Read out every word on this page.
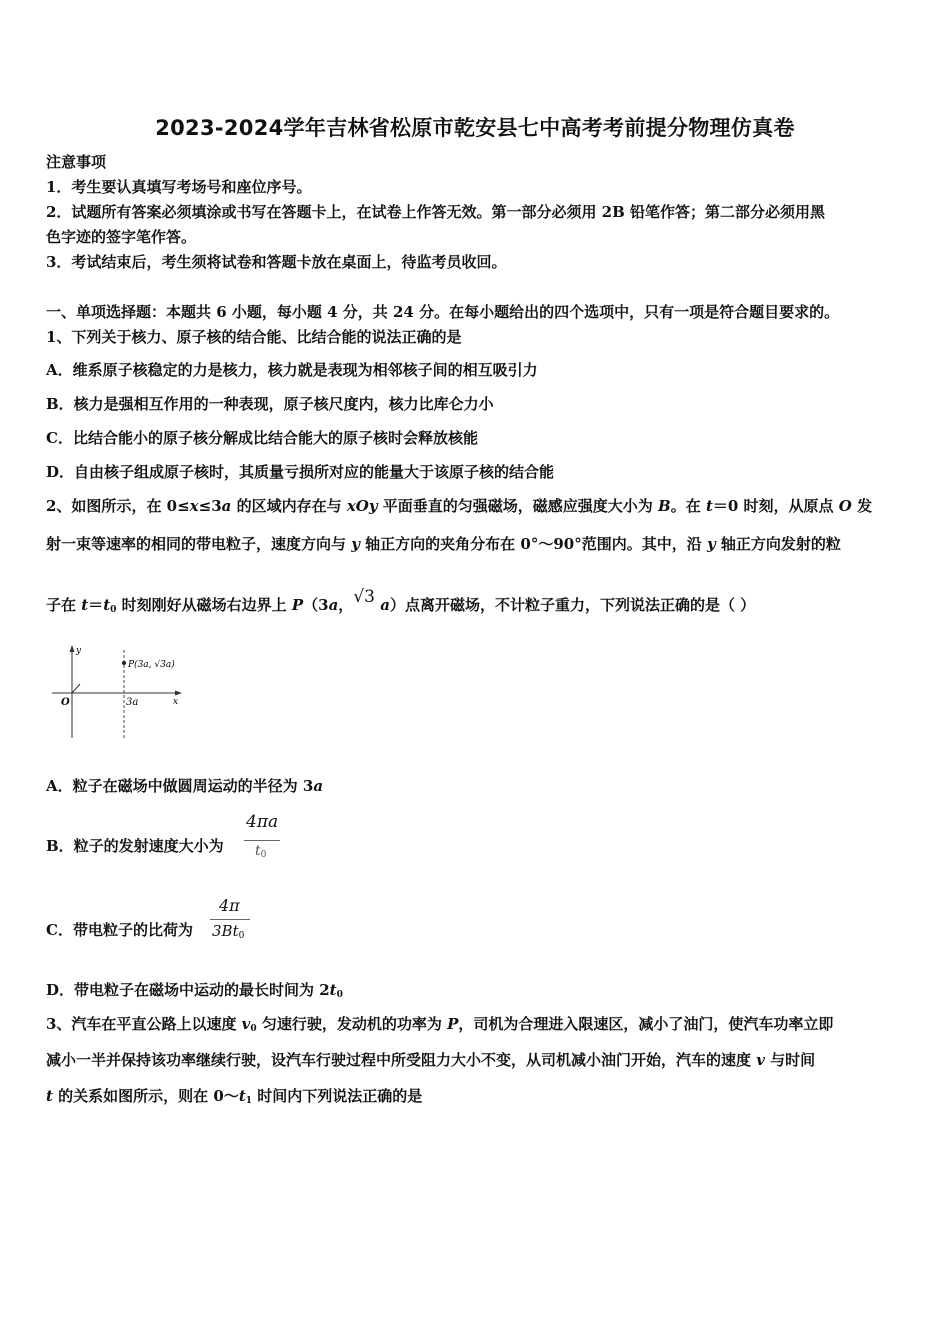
2023-2024学年吉林省松原市乾安县七中高考考前提分物理仿真卷
注意事项
1．考生要认真填写考场号和座位序号。
2．试题所有答案必须填涂或书写在答题卡上，在试卷上作答无效。第一部分必须用 2B 铅笔作答；第二部分必须用黑
色字迹的签字笔作答。
3．考试结束后，考生须将试卷和答题卡放在桌面上，待监考员收回。
一、单项选择题：本题共 6 小题，每小题 4 分，共 24 分。在每小题给出的四个选项中，只有一项是符合题目要求的。
1、下列关于核力、原子核的结合能、比结合能的说法正确的是
A．维系原子核稳定的力是核力，核力就是表现为相邻核子间的相互吸引力
B．核力是强相互作用的一种表现，原子核尺度内，核力比库仑力小
C．比结合能小的原子核分解成比结合能大的原子核时会释放核能
D．自由核子组成原子核时，其质量亏损所对应的能量大于该原子核的结合能
2、如图所示，在 0≤x≤3a 的区域内存在与 xOy 平面垂直的匀强磁场，磁感应强度大小为 B。在 t＝0 时刻，从原点 O 发
射一束等速率的相同的带电粒子，速度方向与 y 轴正方向的夹角分布在 0°～90°范围内。其中，沿 y 轴正方向发射的粒
子在 $t=t_0$ 时刻刚好从磁场右边界上 P（3a，√3 a）点离开磁场，不计粒子重力，下列说法正确的是（ ）
y
x
O	3a
P(3a, √3a)
A．粒子在磁场中做圆周运动的半径为 3a
B．粒子的发射速度大小为
4πa
$t_0$
C．带电粒子的比荷为
4π
$3Bt_0$
D．带电粒子在磁场中运动的最长时间为 $2t_0$
3、汽车在平直公路上以速度 $v_0$ 匀速行驶，发动机的功率为 P，司机为合理进入限速区，减小了油门，使汽车功率立即
减小一半并保持该功率继续行驶，设汽车行驶过程中所受阻力大小不变，从司机减小油门开始，汽车的速度 v 与时间
t 的关系如图所示，则在 $0\sim t_1$ 时间内下列说法正确的是
